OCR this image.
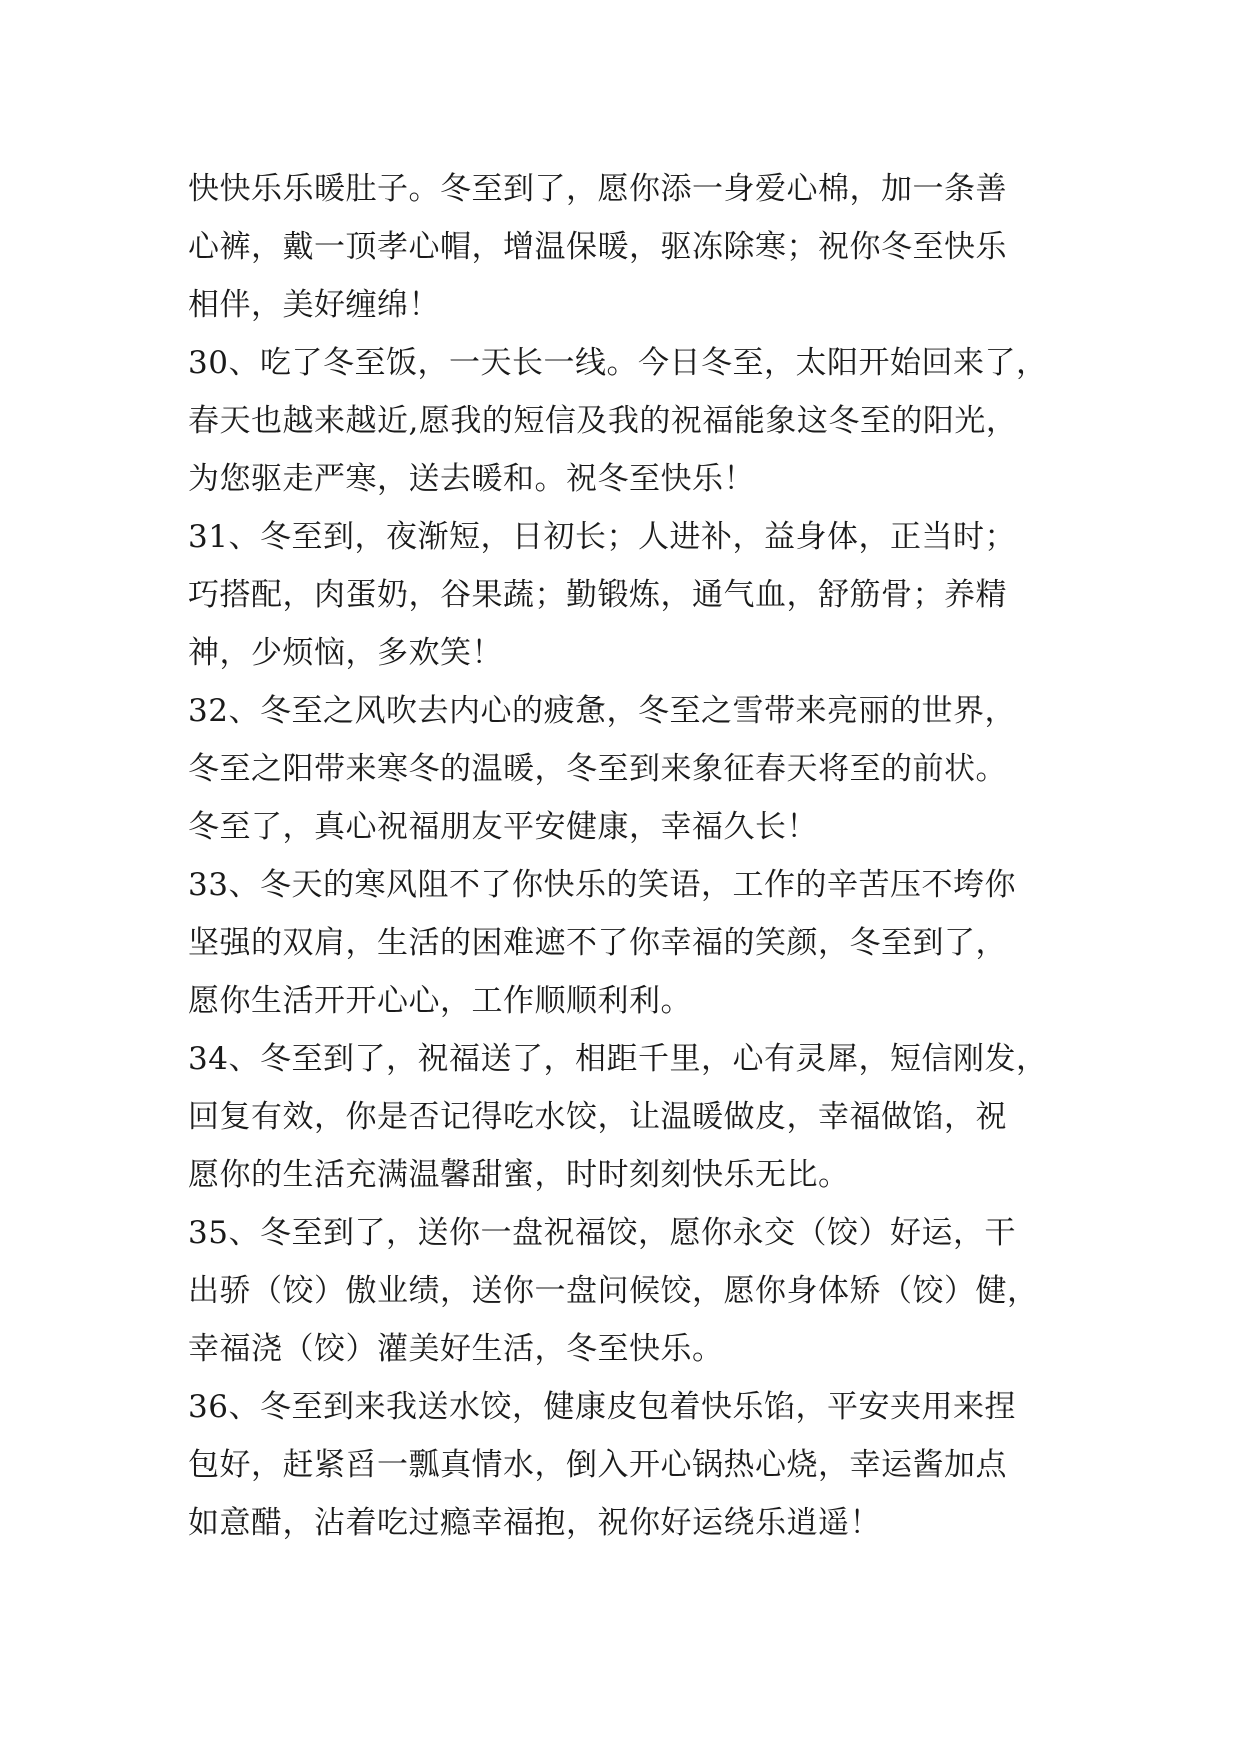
快快乐乐暖肚子。冬至到了，愿你添一身爱心棉，加一条善
心裤，戴一顶孝心帽，增温保暖，驱冻除寒；祝你冬至快乐
相伴，美好缠绵！
30、吃了冬至饭，一天长一线。今日冬至，太阳开始回来了，
春天也越来越近,愿我的短信及我的祝福能象这冬至的阳光，
为您驱走严寒，送去暖和。祝冬至快乐！
31、冬至到，夜渐短，日初长；人进补，益身体，正当时；
巧搭配，肉蛋奶，谷果蔬；勤锻炼，通气血，舒筋骨；养精
神，少烦恼，多欢笑！
32、冬至之风吹去内心的疲惫，冬至之雪带来亮丽的世界，
冬至之阳带来寒冬的温暖，冬至到来象征春天将至的前状。
冬至了，真心祝福朋友平安健康，幸福久长！
33、冬天的寒风阻不了你快乐的笑语，工作的辛苦压不垮你
坚强的双肩，生活的困难遮不了你幸福的笑颜，冬至到了，
愿你生活开开心心，工作顺顺利利。
34、冬至到了，祝福送了，相距千里，心有灵犀，短信刚发，
回复有效，你是否记得吃水饺，让温暖做皮，幸福做馅，祝
愿你的生活充满温馨甜蜜，时时刻刻快乐无比。
35、冬至到了，送你一盘祝福饺，愿你永交（饺）好运，干
出骄（饺）傲业绩，送你一盘问候饺，愿你身体矫（饺）健，
幸福浇（饺）灌美好生活，冬至快乐。
36、冬至到来我送水饺，健康皮包着快乐馅，平安夹用来捏
包好，赶紧舀一瓢真情水，倒入开心锅热心烧，幸运酱加点
如意醋，沾着吃过瘾幸福抱，祝你好运绕乐逍遥！
